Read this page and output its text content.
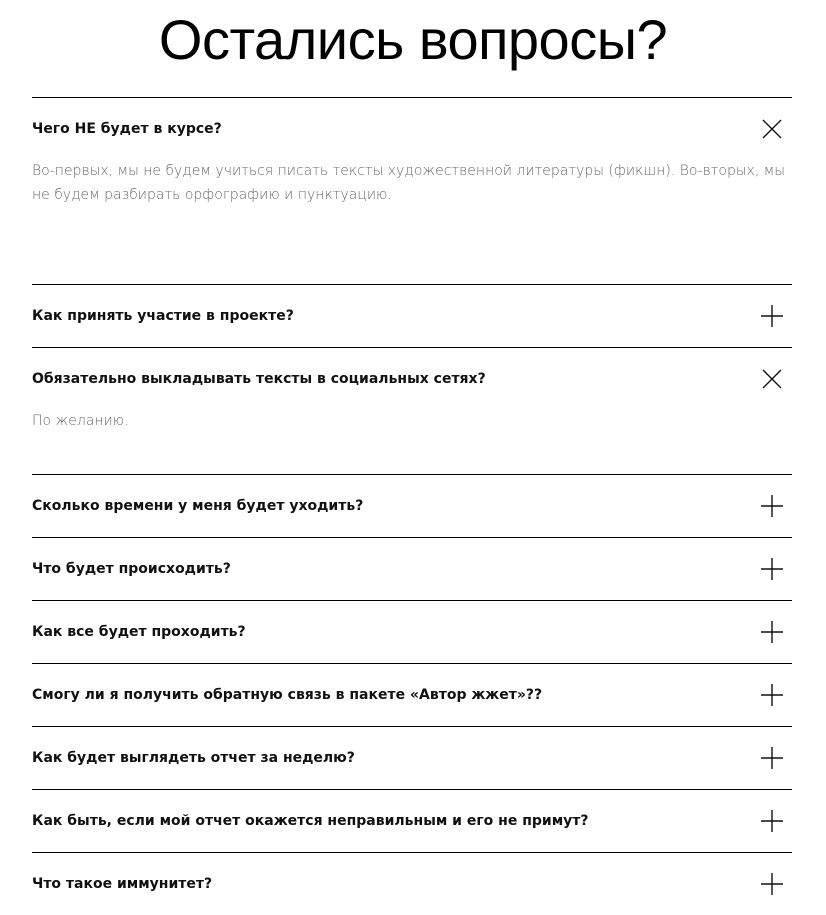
Остались вопросы?
Чего НЕ будет в курсе?

Во-первых, мы не будем учиться писать тексты художественной литературы (фикшн). Во-вторых, мы не будем разбирать орфографию и пунктуацию.

Как принять участие в проекте?
Обязательно выкладывать тексты в социальных сетях?

По желанию.

Сколько времени у меня будет уходить?
Что будет происходить?
Как все будет проходить?
Смогу ли я получить обратную связь в пакете «Автор жжет»??
Как будет выглядеть отчет за неделю?
Как быть, если мой отчет окажется неправильным и его не примут?
Что такое иммунитет?
